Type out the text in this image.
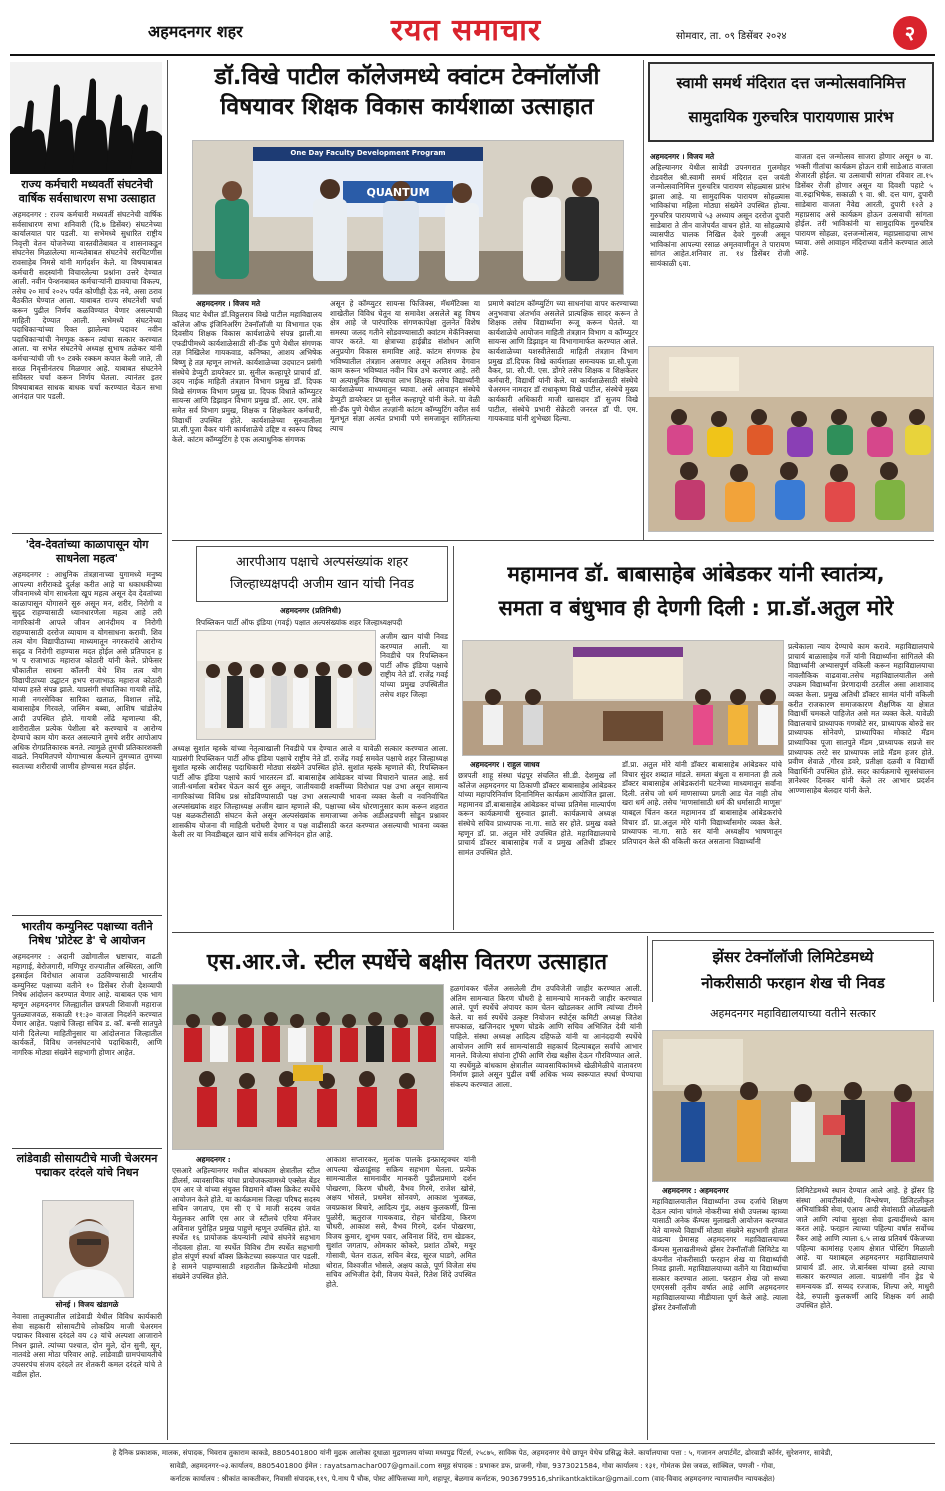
अहमदनगर शहर	रयत समाचार	सोमवार, ता. ०९ डिसेंबर २०२४	२
राज्य कर्मचारी मध्यवर्ती संघटनेची वार्षिक सर्वसाधारण सभा उत्साहात
अहमदनगर : राज्य कर्मचारी मध्यवर्ती संघटनेची वार्षिक सर्वसाधारण सभा शनिवारी (दि.७ डिसेंबर) संघटनेच्या कार्यालयात पार पडली. या सभेमध्ये सुधारित राष्ट्रीय निवृत्ती वेतन योजनेच्या वास्तवीतेबाबत व शासनाकडून संघटनेस मिळालेल्या मान्यतेबाबत संघटनेचे सरचिटणीस रावसाहेब निमसे यांनी मार्गदर्शन केले. या विषयाबाबत कर्मचारी सदस्यांनी विचारलेल्या प्रश्नांना उत्तरे देण्यात आली. नवीन पेन्शनबाबत कर्मचाऱ्यांनी द्यावयाचा विकल्प, तसेच २० मार्च २०२५ पर्यंत कोणीही देऊ नये, असा ठराव बैठकीत घेण्यात आला. याबाबत राज्य संघटनेशी चर्चा करून पुढील निर्णय कळविण्यात येणार असल्याची माहिती देण्यात आली. सभेमध्ये संघटनेच्या पदाधिकाऱ्यांच्या रिक्त झालेल्या पदावर नवीन पदाधिकाऱ्यांची नेमणूक करून त्यांचा सत्कार करण्यात आला. या सभेत संघटनेचे अध्यक्ष सुभाष तळेकर यांनी कर्मचाऱ्यांची जी ९० टक्के रक्कम कपात केली जाते, ती सरळ निवृत्तीनंतरच मिळणार आहे. याबाबत संघटनेने सविस्तर चर्चा करून निर्णय घेतला. त्यानंतर इतर विषयाबाबत साधक बाधक चर्चा करण्यात येऊन सभा आनंदात पार पडली.
'देव-देवतांच्या काळापासून योग साधनेला महत्व'
अहमदनगर : आधुनिक तंत्रज्ञानाच्या युगामध्ये मनुष्य आपल्या शरीराकडे दुर्लक्ष करीत आहे या धकाधकीच्या जीवनामध्ये योग साधनेला खूप महत्व असून देव देवतांच्या काळापासून योगासने सुरु असून मन, शरीर, निरोगी व सुदृढ राहण्यासाठी ध्यानधारणेला महत्व आहे तरी नागरिकांनी आपले जीवन आनंदीमय व निरोगी राहण्यासाठी दररोज व्यायाम व योगसाधना करावी. शिव तत्व योग विद्यापीठाच्या माध्यमातून नगरकरांचे आरोग्य सदृढ व निरोगी राहण्यास मदत होईल असे प्रतिपादन ह भ प राजाभाऊ महाराज कोठारी यांनी केले. प्रोफेसर चौकातील साधना कॉलनी येथे शिव तत्व योग विद्यापीठाच्या उद्घाटन हभप राजाभाऊ महाराज कोठारी यांच्या हस्ते संपन्न झाले. याप्रसंगी संचालिका गायत्री लोंढे, माजी नगरसेविका सारिका खताळ, विशाल लोंढे, बाबासाहेब गिरवले, जस्मिन बब्बा, आशिष चांडोलेय आदी उपस्थित होते. गायत्री लोंढे म्हणाल्या की, शारीरातील प्रत्येक पेशीला बरे करण्याचे व आरोग्य देण्याचे काम योग करत असल्याने तुमचे शरीर आपोआप अधिक रोगप्रतिकारक बनते. त्यामुळे तुमची प्रतिकारशक्ती वाढते. नियमितपणे योगाभ्यास केल्याने तुमच्यात तुमच्या स्वतःच्या शरीराची जाणीव होण्यास मदत होईल.
भारतीय कम्युनिस्ट पक्षाच्या वतीने निषेध 'प्रोटेस्ट डे' चे आयोजन
अहमदनगर : अदानी उद्योगातील भ्रष्टाचार, वाढती महागाई, बेरोजगारी, मणिपूर राज्यातील अस्थिरता, आणि इस्त्राईल विरोधात आवाज उठविण्यासाठी भारतीय कम्युनिस्ट पक्षाच्या वतीने १० डिसेंबर रोजी देशव्यापी निषेध आंदोलन करण्यात येणार आहे. याबाबत एक भाग म्हणून अहमदनगर जिल्ह्यातील छत्रपती शिवाजी महाराज पुतळ्याजवळ, सकाळी ११:३० वाजता निदर्शने करण्यात येणार आहेत. पक्षाचे जिल्हा सचिव ड. कॉ. बन्सी सातपुते यांनी दिलेल्या माहितीनुसार या आंदोलनात जिल्हातील कार्यकर्ते, विविध जनसंघटनांचे पदाधिकारी, आणि नागरिक मोठ्या संख्येने सहभागी होणार आहेत.
लांडेवाडी सोसायटीचे माजी चेअरमन पद्माकर दरंदले यांचे निधन
सोनई । विजय खंडागळे
नेवासा तालुक्यातील लांडेवाडी येथील विविध कार्यकारी सेवा सहकारी सोसायटीचे लोकप्रिय माजी चेअरमन पद्माकर विश्वास दरंदले वय ८३ यांचे अल्पशा आजाराने निधन झाले. त्यांच्या पश्चात, दोन मुले, दोन सुनी, सून, नातवंडे असा मोठा परिवार आहे. लांडेवाडी ग्रामपंचायतीचे उपसरपंच संजय दरंदले तर शेतकरी कमल दरंदले यांचे ते वडील होत.
डॉ.विखे पाटील कॉलेजमध्ये क्वांटम टेक्नॉलॉजी
विषयावर शिक्षक विकास कार्यशाळा उत्साहात
One Day Faculty Development Program
QUANTUM
अहमदनगर । विजय मते
विळद घाट येथील डॉ.विठ्ठलराव विखे पाटील महाविद्यालय कॉलेज ऑफ इंजिनिअरिंग टेक्नॉलॉजी या विभागात एक दिवसीय शिक्षक विकास कार्यशाळेचे संपन्न झाली.या एफडीपीमध्ये कार्यशाळेसाठी सी-डॅक पुणे येथील संगणक तज्ञ निखिलेश गायकवाड, कनिष्का, आशय अभिषेक बिष्णु हे तज्ञ म्हणून लाभले. कार्यशाळेच्या उदघाटन प्रसंगी संस्थेचे डेप्युटी डायरेक्टर प्रा. सुनील कल्हापूरे प्राचार्य डॉ. उदय नाईक माहिती तंत्रज्ञान विभाग प्रमुख डॉ. दिपक विखे संगणक विभाग प्रमुख प्रा. दिपक विधाते कॉम्प्युटर सायन्स आणि डिझाइन विभाग प्रमुख डॉ. आर. एम. तांबे समेत सर्व विभाग प्रमुख, शिक्षक व शिक्षकेतर कर्मचारी, विद्यार्थी उपस्थित होते. कार्यशाळेच्या सुरुवातीला प्रा.सी.पूजा वैकर यांनी कार्यशाळेचे उद्दिष्ट व स्वरूप विषद केले. कांटम कॉम्प्युटिंग हे एक अत्याधुनिक संगणक
असून हे कॉम्प्युटर सायन्स फिजिक्स, मॅथमॅटिक्स या शाखेतील विविध घेतून या समावेश असलेले बहू विषय क्षेत्र आहे जे पारंपारिक संगणकापेक्षा तुलनेत विशेष समस्या जलद गतीने सोडवण्यासाठी क्वांटम मेकॅनिक्सचा वापर करते. या क्षेत्राच्या हाईब्रीड संशोधन आणि अनुप्रयोग विकास समाविष्ट आहे. कांटम संगणक हेच भविष्यातील तंत्रज्ञान असणार असून अतिशय वेगवान काम करून भविष्यात नवीन चित्र उभे करणार आहे. तरी या अत्याधुनिक विषयाचा लाभ शिक्षक तसेच विद्यार्थ्यांनी कार्यशाळेच्या माध्यमातून घ्यावा. असे आवाहन संस्थेचे डेप्युटी डायरेक्टर प्रा सुनील कल्हापूरे यांनी केले. या वेळी सी-डॅक पुणे येथील तज्ज्ञांनी कांटम कॉम्प्युटिंग वरील सर्व मूलभूत संज्ञा अत्यंत प्रभावी पणे समजावून सांगितल्या त्याच
प्रमाणे क्वांटम कॉम्प्युटिंग च्या साधनांचा वापर करण्याच्या अनुभवाचा अंतर्भाव असलेले प्रात्यक्षिक सादर करून ते शिक्षक तसेच विद्यार्थ्यांना रूजू करून घेतले. या कार्यशाळेचे आयोजन माहिती तंत्रज्ञान विभाग व कॉम्प्युटर सायन्स आणि डिझाइन या विभागामार्फत करण्यात आले. कार्यशाळेच्या यशस्वीतेसाठी माहिती तंत्रज्ञान विभाग प्रमुख डॉ.दिपक विखे कार्यशाळा समन्वयक प्रा.सौ.पूजा वैकर, प्रा. सौ.पी. एस. डोंगरे तसेच शिक्षक व शिक्षकेतर कर्मचारी, विद्यार्थी यांनी केले. या कार्यशाळेसाठी संस्थेचे चेअरमन नामदार डॉ राधाकृष्ण विखे पाटील, संस्थेचे मुख्य कार्यकारी अधिकारी माजी खासदार डॉ सुजय विखे पाटील, संस्थेचे प्रभारी सेक्रेटरी जनरल डॉ पी. एम. गायकवाड यांनी शुभेच्छा दिल्या.
स्वामी समर्थ मंदिरात दत्त जन्मोत्सवानिमित्त
सामुदायिक गुरुचरित्र पारायणास प्रारंभ
अहमदनगर । विजय मते
अहिल्यानगर येथील सावेडी उपनगरात गुलमोहर रोडवरील श्री.स्वामी समर्थ मंदिरात दत्त जयंती जन्मोत्सवानिमित्त गुरुचरित्र पारायण सोहळ्यास प्रारंभ झाला आहे. या सामुदायिक पारायण सोहळ्यास भाविकांचा महिला मोठ्या संख्येने उपस्थित होत्या. गुरुचरित्र पारायणाचे ५३ अध्याय असून दररोज दुपारी साडेबारा ते तीन वाजेपर्यंत वाचन होते. या सोहळ्याचे व्यासपीठ चालक निखिल देवरे गुरुजी असून भाविकांना आपल्या रसाळ अमृतवाणीतून ते पारायण सांगत आहेत.शनिवार ता. १४ डिसेंबर रोजी सायंकाळी ६वा.
वाजता दत्त जन्मोत्सव साजरा होणार असून ७ वा. भक्ती गीतांचा कार्यक्रम होऊन रात्री साडेआठ वाजता शेजारती होईल. या उत्सवाची सांगता रविवार ता.१५ डिसेंबर रोजी होणार असून या दिवशी पहाटे ५ वा.रुद्राभिषेक, सकाळी ९ वा. श्री. दत्त याग, दुपारी साडेबारा वाजता नैवेद्य आरती, दुपारी १२ते ३ महाप्रसाद असे कार्यक्रम होऊन उत्सवाची सांगता होईल. तरी भाविकांनी या सामुदायिक गुरुचरित्र पारायण सोहळा, दत्तजन्मोत्सव, महाप्रसादाचा लाभ घ्यावा. असे आवाहन मंदिराच्या वतीने करण्यात आले आहे.
आरपीआय पक्षाचे अल्पसंख्यांक शहर
जिल्हाध्यक्षपदी अजीम खान यांची निवड
अहमदनगर (प्रतिनिधी)
रिपब्लिकन पार्टी ऑफ इंडिया (गवई) पक्षात अल्पसंख्यांक शहर जिल्हाध्यक्षपदी
अजीम खान यांची निवड करण्यात आली. या निवडीचे पत्र रिपब्लिकन पार्टी ऑफ इंडिया पक्षाचे राष्ट्रीय नेते डॉ. राजेंद्र गवई यांच्या प्रमुख उपस्थितीत तसेच शहर जिल्हा
अध्यक्ष सुशांत म्हस्के यांच्या नेतृत्वाखाली निवडीचे पत्र देण्यात आले व यावेळी सत्कार करण्यात आला. याप्रसंगी रिपब्लिकन पार्टी ऑफ इंडिया पक्षाचे राष्ट्रीय नेते डॉ. राजेंद्र गवई समवेत पक्षाचे शहर जिल्हाध्यक्ष सुशांत म्हस्के आदीसह पदाधिकारी मोठ्या संख्येने उपस्थित होते. सुशांत म्हस्के म्हणाले की, रिपब्लिकन पार्टी ऑफ इंडिया पक्षाचे कार्य भारतरत्न डॉ. बाबासाहेब आंबेडकर यांच्या विचाराने चालत आहे. सर्व जाती-धर्माला बरोबर घेऊन कार्य सुरु असून, जातीयवादी शक्तींच्या विरोधात पक्ष उभा असून सामान्य नागरिकांच्या विविध प्रश्न सोडविण्यासाठी पक्ष उभा असल्याची भावना व्यक्त केली व नवनिर्वाचित अल्पसंख्यांक शहर जिल्हाध्यक्ष अजीम खान म्हणाले की, पक्षाच्या ध्येय धोरणानुसार काम करून शहरात पक्ष बळकटीसाठी संघटन केले असून अल्पसंख्यांक समाजाच्या अनेक अडीअडचणी सोडून प्रश्नावर शासकीय योजना वी माहिती घरोघरी देणार व पक्ष वाढीसाठी करत करण्यात असल्याची भावना व्यक्त केली तर या निवडीबद्दल खान यांचे सर्वत्र अभिनंदन होत आहे.
महामानव डॉ. बाबासाहेब आंबेडकर यांनी स्वातंत्र्य,
समता व बंधुभाव ही देणगी दिली : प्रा.डॉ.अतुल मोरे
अहमदनगर । राहुल जाधव
छत्रपती शाहू संस्था चंद्रपूर संचलित सी.डी. देशमुख लॉ कॉलेज अहमदनगर या ठिकाणी डॉक्टर बाबासाहेब आंबेडकर यांच्या महापरिनिर्वाण दिनानिमित्त कार्यक्रम आयोजित झाला. महामानव डॉ.बाबासाहेब आंबेडकर यांच्या प्रतिमेस माल्यार्पण करून कार्यक्रमाची सुरुवात झाली. कार्यक्रमाचे अध्यक्ष संस्थेचे सचिव प्राध्यापक ना.गा. साठे सर होते. प्रमुख वक्ते म्हणून डॉ. प्रा. अतुल मोरे उपस्थित होते. महाविद्यालयाचे प्राचार्य डॉक्टर बाबासाहेब गर्जे व प्रमुख अतिथी डॉक्टर सामंत उपस्थित होते.
डॉ.प्रा. अतुल मोरे यांनी डॉक्टर बाबासाहेब आंबेडकर यांचे विचार सुंदर शब्दात मांडले. समता बंधुता व समानता ही तत्वे डॉक्टर बाबासाहेब आंबेडकरांनी घटनेच्या माध्यमातून सर्वांना दिली. तसेच जो धर्म माणसाच्या प्रगती आड येत नाही तोच खरा धर्म आहे. तसेच 'माणसांसाठी धर्म की धर्मासाठी माणूस' याबद्दल चिंतन करत महामानव डॉ बाबासाहेब आंबेडकरांचे विचार डॉ. प्रा.अतुल मोरे यांनी विद्यार्थ्यांसमोर व्यक्त केले. प्राध्यापक ना.गा. साठे सर यांनी अध्यक्षीय भाषणातून प्रतिपादन केले की वकिली करत असताना विद्यार्थ्यांनी
प्रत्येकाला न्याय देण्याचे काम करावे. महाविद्यालयाचे प्राचार्य बाळासाहेब गर्जे यांनी विद्यार्थ्यांना सांगितले की विद्यार्थ्यांनी अभ्यासपूर्ण वकिली करून महाविद्यालयाचा नावलौकिक वाढवावा.तसेच महाविद्यालयातील असे उपक्रम विद्यार्थ्यांना प्रेरणादायी ठरतील असा आशावाद व्यक्त केला. प्रमुख अतिथी डॉक्टर सामंत यांनी वकिली करीत राजकारण समाजकारण शैक्षणिक या क्षेत्रात विद्यार्थी चमकले पाहिजेत असे मत व्यक्त केले. यावेळी विद्यालयाचे प्राध्यापक गणबोटे सर, प्राध्यापक बोरुडे सर प्राध्यापक सोनेवणे, प्राध्यापिका मोकाटे मॅडम प्राध्यापिका पूजा सातपुते मॅडम ,प्राध्यापक सप्रजे सर प्राध्यापक तरटे सर प्राध्यापक लांडे मॅडम हजर होते. प्रवीण शेवाळे ,गौरव डवरे, प्रतीक्षा दळवी व विद्यार्थी विद्यार्थिनी उपस्थित होते. सदर कार्यक्रमाचे सूत्रसंचालन ज्ञानेश्वर दिनकर यांनी केले तर आभार प्रदर्शन आण्णासाहेब बेलदार यांनी केले.
एस.आर.जे. स्टील स्पर्धेचे बक्षीस वितरण उत्साहात
हळगांवकर चॅलेंज असलेली टीम उपविजेती जाहीर करण्यात आली. अंतिम सामन्यात किरण चौधरी हे सामन्याचे मानकरी जाहीर करण्यात आले. पूर्ण स्पर्धेचे अंपायर काम चेतन खोडलकर आणि त्यांच्या टीमने केले. या सर्व स्पर्धेचे उत्कृष्ट नियोजन स्पोर्ट्स कमिटी अध्यक्ष जितेश सपकाळ, खजिनदार भूषण घोडके आणि सचिव अभिजित देवी यांनी पाहिले. संस्था अध्यक्ष आदित्य दहिफळे यांनी या आनंददायी स्पर्धेचे आयोजन आणि सर्व सामन्यांसाठी सहकार्य दिल्याबद्दल सर्वांचे आभार मानले. विजेत्या संघांना ट्रॉफी आणि रोख बक्षीस देऊन गौरविण्यात आले. या स्पर्धेमुळे बांधकाम क्षेत्रातील व्यावसायिकांमध्ये खेळीमेळीचे वातावरण निर्माण झाले असून पुढील वर्षी अधिक भव्य स्वरूपात स्पर्धा घेण्याचा संकल्प करण्यात आला.
अहमदनगर :
एसआरे अहिल्यानगर मधील बांधकाम क्षेत्रातील स्टील डीलर्स, व्यावसायिक यांचा प्रायोजकत्वामध्ये एक्सेल बेंडर एम आर जे यांच्या संयुक्त विद्यमाने बॉक्स क्रिकेट स्पर्धेचे आयोजन केले होते. या कार्यक्रमास जिल्हा परिषद सदस्य सचिन जगताप, एम सी ए चे माजी सदस्य जयंत येलूलकर आणि एस आर जे स्टीलचे एरिया मॅनेजर अविनाश पुरोहित प्रमुख पाहुणे म्हणून उपस्थित होते. या स्पर्धेत १६ प्रायोजक कंपन्यांनी त्यांचे संघनेत्रे सहभाग नोंदवला होता. या स्पर्धेत विविध टीम स्पर्धेत सहभागी होत संपूर्ण स्पर्धा बॉक्स क्रिकेटच्या स्वरूपात पार पडली. हे सामने पाहण्यासाठी शहरातील क्रिकेटप्रेमी मोठ्या संख्येने उपस्थित होते.
आकाश सप्तारकर, मुलांक पालके इन्फ्रास्ट्रक्चर यांनी आपल्या खेळाडूंसह सक्रिय सहभाग घेतला. प्रत्येक सामन्यातील सामनावीर मानकरी पुढीलप्रमाणे दर्शन पोखरणा, किरण चौधरी, वैभव गिरमे, राजेश खोसे, अक्षय भोसले, प्रथमेश सोनवणे, आकाश भुजबळ, जयप्रकाश बिचारे, आदित्य गुंड, अक्षय कुलकर्णी, प्रिन्स पुळोरी, ऋतुराज गायकवाड, रोहन चोरडिया, किरण चौधरी, आकाश ससे, वैभव गिरमे, दर्शन पोखरणा, विजय कुमार, शुभम पवार, अविनाश शिंदे, राम खेडकर, सुशांत जगताप, ओमकार कोकरे, प्रशांत ठोंबरे, मयूर गोसावी, चेतन राऊत, सचिन बेरड, सूरज घाडगे, अमित थोरात, विश्वजीत भोसले, अक्षय काळे, पूर्ण विजेता संघ सचिव अभिजीत देवी, विजय येवले, रितेश शिंदे उपस्थित होते.
झेंसर टेक्नॉलॉजी लिमिटेडमध्ये
नोकरीसाठी फरहान शेख ची निवड
अहमदनगर महाविद्यालयाच्या वतीने सत्कार
अहमदनगर : अहमदनगर
महाविद्यालयातील विद्यार्थ्यांना उच्च दर्जाचे शिक्षण देऊन त्यांना चांगले नोकरीच्या संधी उपलब्ध व्हाव्या यासाठी अनेक कॅम्पस मुलाखती आयोजन करण्यात येते यामध्ये विद्यार्थी मोठ्या संख्येने सहभागी होतात वाढत्या प्रेमासह अहमदनगर महाविद्यालयाच्या कॅम्पस मुलाखतीमध्ये झेंसर टेक्नॉलॉजी लिमिटेड या कंपनीत नोकरीसाठी फरहान शेख या विद्यार्थ्याची निवड झाली. महाविद्यालयाच्या वतीने या विद्यार्थ्याचा सत्कार करण्यात आला. फरहान शेख जो सध्या एमएससी तृतीय वर्षात आहे आणि अहमदनगर महाविद्यालयाच्या मीडीयाला पूर्ण केले आहे. त्याला झेंसर टेक्नॉलॉजी
लिमिटेडमध्ये स्थान देण्यात आले आहे. हे झेंसर हि संस्था आयटीसंबंधी, विश्लेषण, डिजिटलीकृत अभियांत्रिकी सेवा, एआय आदी सेवांसाठी ओळखली जाते आणि त्यांचा सुरक्षा सेवा इत्यादींमध्ये काम करत आहे. फरहान त्याच्या पहिल्या वर्षात सर्वोच्च रँकर आहे आणि त्याला ६.५ लाख प्रतिवर्ष पॅकेजच्या पहिल्या कामांसह एआय क्षेत्रात पोस्टिंग मिळाली आहे. या यशाबद्दल अहमदनगर महाविद्यालयाचे प्राचार्य डॉ. आर. जे.बार्नबस यांच्या हस्ते त्याचा सत्कार करण्यात आला. याप्रसंगी नॉन ड्रेड चे समन्वयक डॉ. सय्यद रज्जाक, शिल्पा अरे, माधुरी देडे, रुपाली कुलकर्णी आदि शिक्षक वर्ग आदी उपस्थित होते.
हे दैनिक प्रकाशक, मालक, संपादक, भिवराव तुकाराम काकडे, 8805401800 यांनी मुद्रक आलोका दूधाळा मुद्रणालय यांच्या मध्यपुढ पिंटर्स, २५८७५, साविक पेठ, अहमदनगर येथे छापून येथेच प्रसिद्ध केले. कार्यालयाचा पत्ता : ५, गजानन अपार्टमेंट, ढोरवाडी कॉर्नर, सुरेशनगर, सावेडी,
सावेडी, अहमदनगर-०३.कार्यालय, 8805401800 ईमेल : rayatsamachar007@gmail.com समूह संपादक : प्रभाकर डफ, प्राजनी, गोवा, 9373021584, गोवा कार्यालय : १३१, गोमंतक प्रेस जवळ, सांक्विल, पणजी - गोवा,
कर्नाटक कार्यालय : श्रीकांत काकतीकर, निवासी संपादक,११९, पे.नाथ पै चौक, पोस्ट ऑफिसच्या मागे, शहापूर, बेळगाव कर्नाटक, 9036799516,shrikantkaktikar@gmail.com (वाद-विवाद अहमदनगर न्यायालयीन न्यायकक्षेत)
